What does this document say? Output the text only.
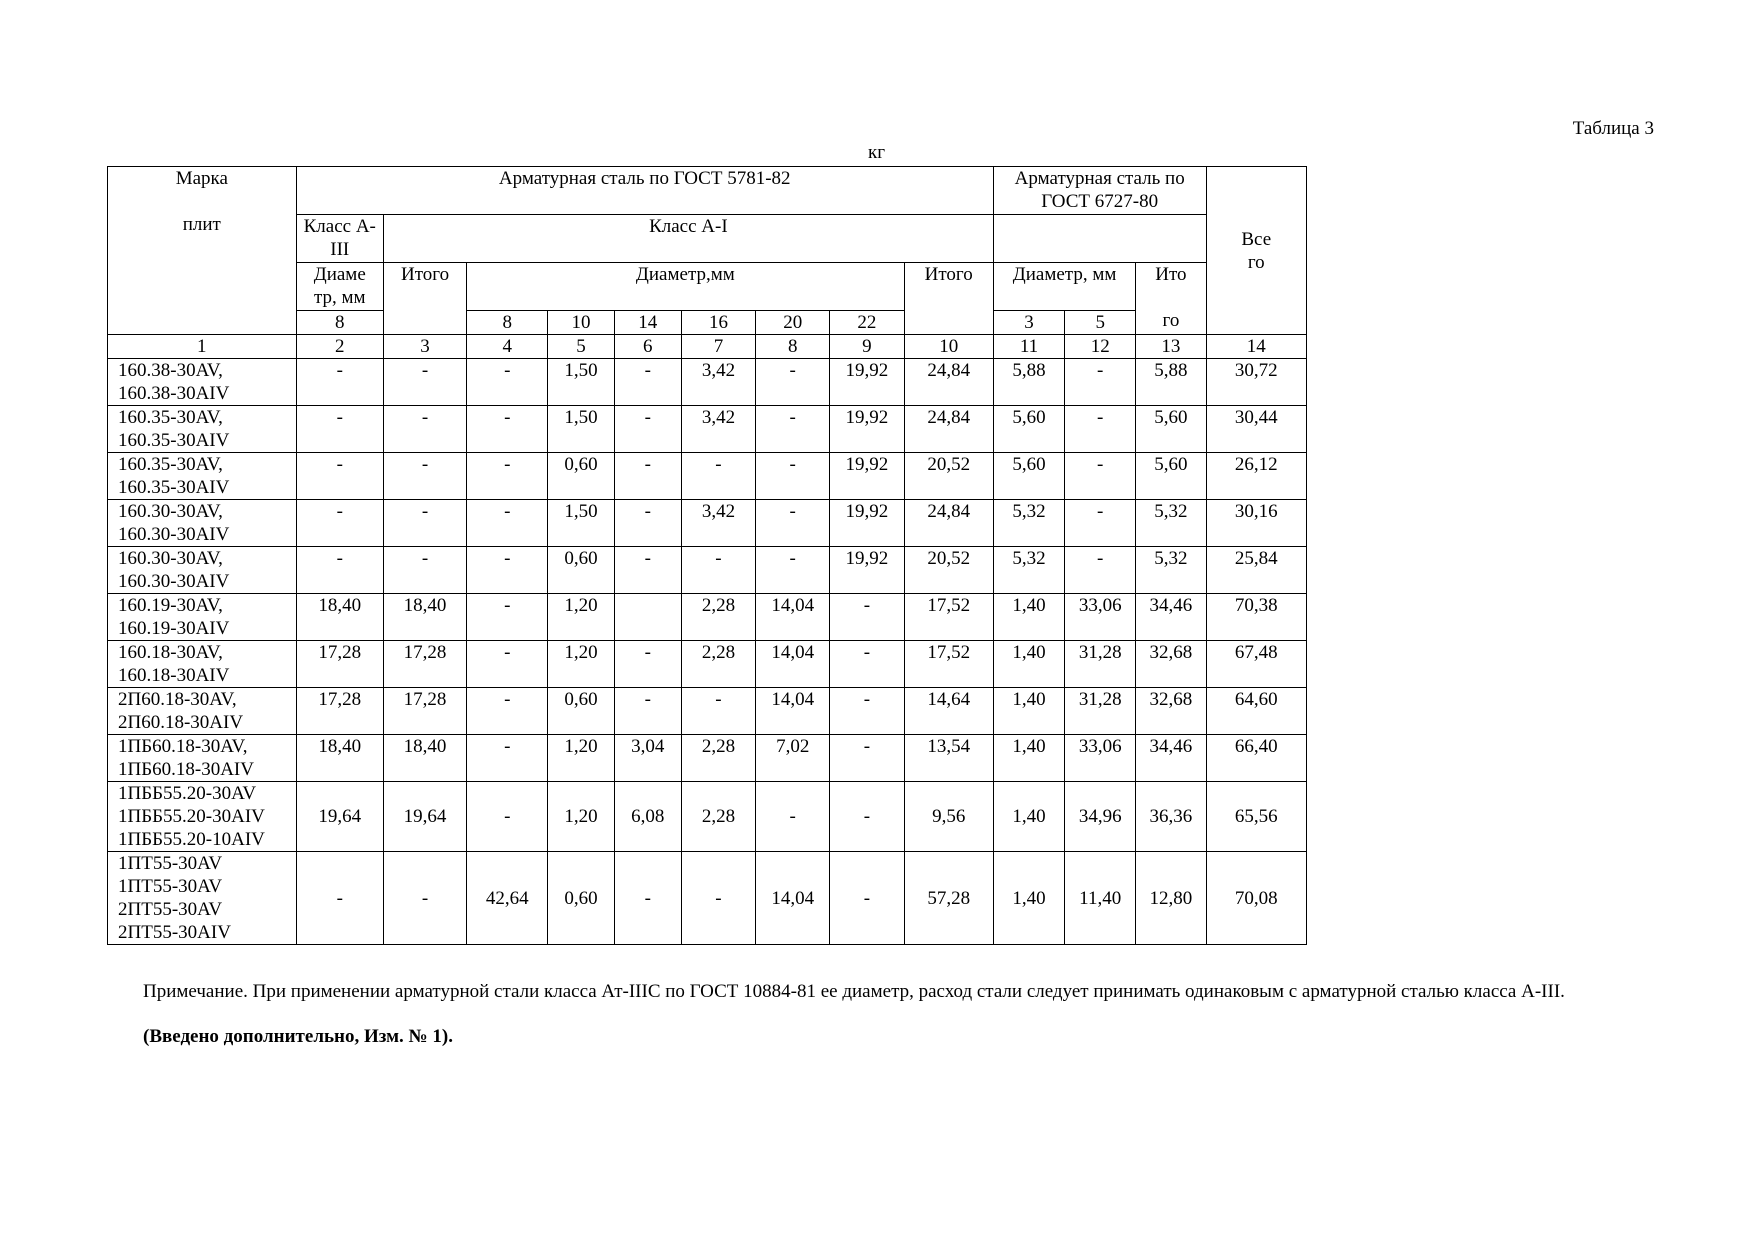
Таблица 3
кг
Марка
плит	Арматурная сталь по ГОСТ 5781-82									Арматурная сталь по ГОСТ 6727-80			Все го
	Класс А-III	Класс А-I											
	Диаме тр, мм	Итого	Диаметр,мм						Итого	Диаметр, мм		Ито
го	

	8		8	10	14	16	20	22		3	5		
1	2	3	4	5	6	7	8	9	10	11	12	13	14

160.38-30AV,
160.38-30AIV	-	-	-	1,50	-	3,42	-	19,92	24,84	5,88	-	5,88	30,72

160.35-30AV,
160.35-30AIV	-	-	-	1,50	-	3,42	-	19,92	24,84	5,60	-	5,60	30,44

160.35-30AV,
160.35-30AIV	-	-	-	0,60	-	-	-	19,92	20,52	5,60	-	5,60	26,12

160.30-30AV,
160.30-30AIV	-	-	-	1,50	-	3,42	-	19,92	24,84	5,32	-	5,32	30,16

160.30-30AV,
160.30-30AIV	-	-	-	0,60	-	-	-	19,92	20,52	5,32	-	5,32	25,84

160.19-30AV,
160.19-30AIV	18,40	18,40	-	1,20		2,28	14,04	-	17,52	1,40	33,06	34,46	70,38

160.18-30AV,
160.18-30AIV	17,28	17,28	-	1,20	-	2,28	14,04	-	17,52	1,40	31,28	32,68	67,48

2П60.18-30AV,
2П60.18-30AIV	17,28	17,28	-	0,60	-	-	14,04	-	14,64	1,40	31,28	32,68	64,60

1ПБ60.18-30AV,
1ПБ60.18-30AIV	18,40	18,40	-	1,20	3,04	2,28	7,02	-	13,54	1,40	33,06	34,46	66,40

1ПББ55.20-30AV
1ПББ55.20-30AIV
1ПББ55.20-10AIV	19,64	19,64	-	1,20	6,08	2,28	-	-	9,56	1,40	34,96	36,36	65,56

1ПТ55-30AV
1ПТ55-30AV
2ПТ55-30AV
2ПТ55-30AIV	-	-	42,64	0,60	-	-	14,04	-	57,28	1,40	11,40	12,80	70,08
Примечание. При применении арматурной стали класса Ат-IIIС по ГОСТ 10884-81 ее диаметр, расход стали следует принимать одинаковым с арматурной сталью класса А-III.
(Введено дополнительно, Изм. № 1).
